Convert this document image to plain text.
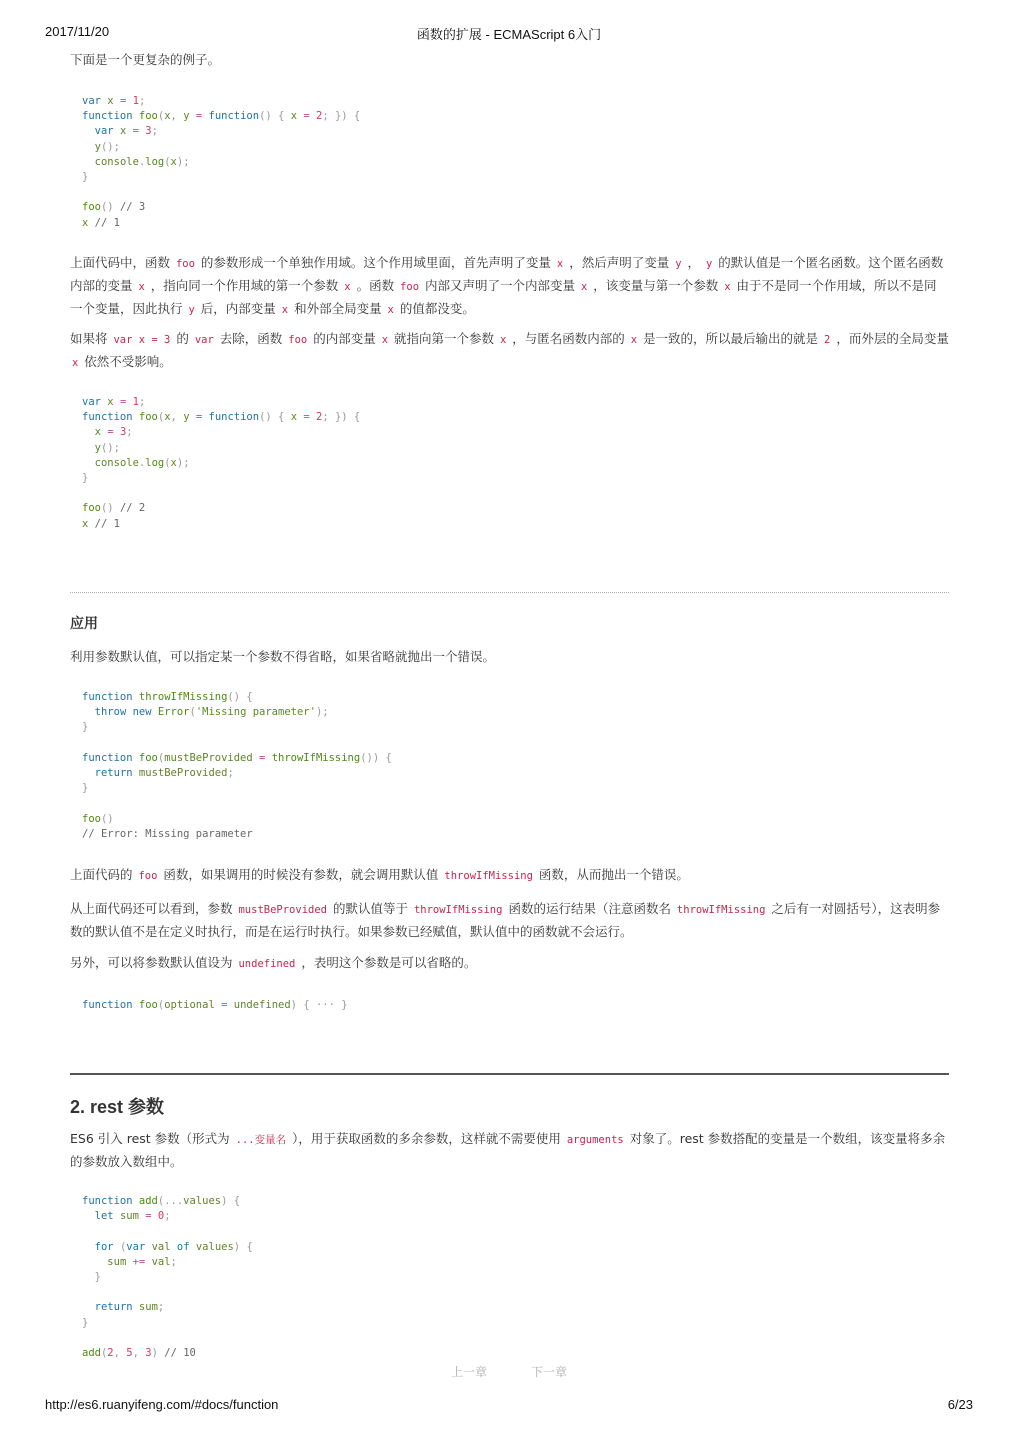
2017/11/20	函数的扩展 - ECMAScript 6入门
下面是一个更复杂的例子。
var x = 1;
function foo(x, y = function() { x = 2; }) {
var x = 3;
y();
console.log(x);
}

foo() // 3
x // 1
上面代码中，函数 foo 的参数形成一个单独作用域。这个作用域里面，首先声明了变量 x ，然后声明了变量 y ， y 的默认值是一个匿名函数。这个匿名函数内部的变量 x ，指向同一个作用域的第一个参数 x 。函数 foo 内部又声明了一个内部变量 x ，该变量与第一个参数 x 由于不是同一个作用域，所以不是同一个变量，因此执行 y 后，内部变量 x 和外部全局变量 x 的值都没变。
如果将 var x = 3 的 var 去除，函数 foo 的内部变量 x 就指向第一个参数 x ，与匿名函数内部的 x 是一致的，所以最后输出的就是 2 ，而外层的全局变量 x 依然不受影响。
var x = 1;
function foo(x, y = function() { x = 2; }) {
x = 3;
y();
console.log(x);
}

foo() // 2
x // 1
应用
利用参数默认值，可以指定某一个参数不得省略，如果省略就抛出一个错误。
function throwIfMissing() {
throw new Error('Missing parameter');
}

function foo(mustBeProvided = throwIfMissing()) {
return mustBeProvided;
}

foo()
// Error: Missing parameter
上面代码的 foo 函数，如果调用的时候没有参数，就会调用默认值 throwIfMissing 函数，从而抛出一个错误。
从上面代码还可以看到，参数 mustBeProvided 的默认值等于 throwIfMissing 函数的运行结果（注意函数名 throwIfMissing 之后有一对圆括号），这表明参数的默认值不是在定义时执行，而是在运行时执行。如果参数已经赋值，默认值中的函数就不会运行。
另外，可以将参数默认值设为 undefined ，表明这个参数是可以省略的。
function foo(optional = undefined) { ··· }
2. rest 参数
ES6 引入 rest 参数（形式为 ...变量名 ），用于获取函数的多余参数，这样就不需要使用 arguments 对象了。rest 参数搭配的变量是一个数组，该变量将多余的参数放入数组中。
function add(...values) {
let sum = 0;

for (var val of values) {
sum += val;
}

return sum;
}

add(2, 5, 3) // 10
上一章	下一章
http://es6.ruanyifeng.com/#docs/function	6/23
